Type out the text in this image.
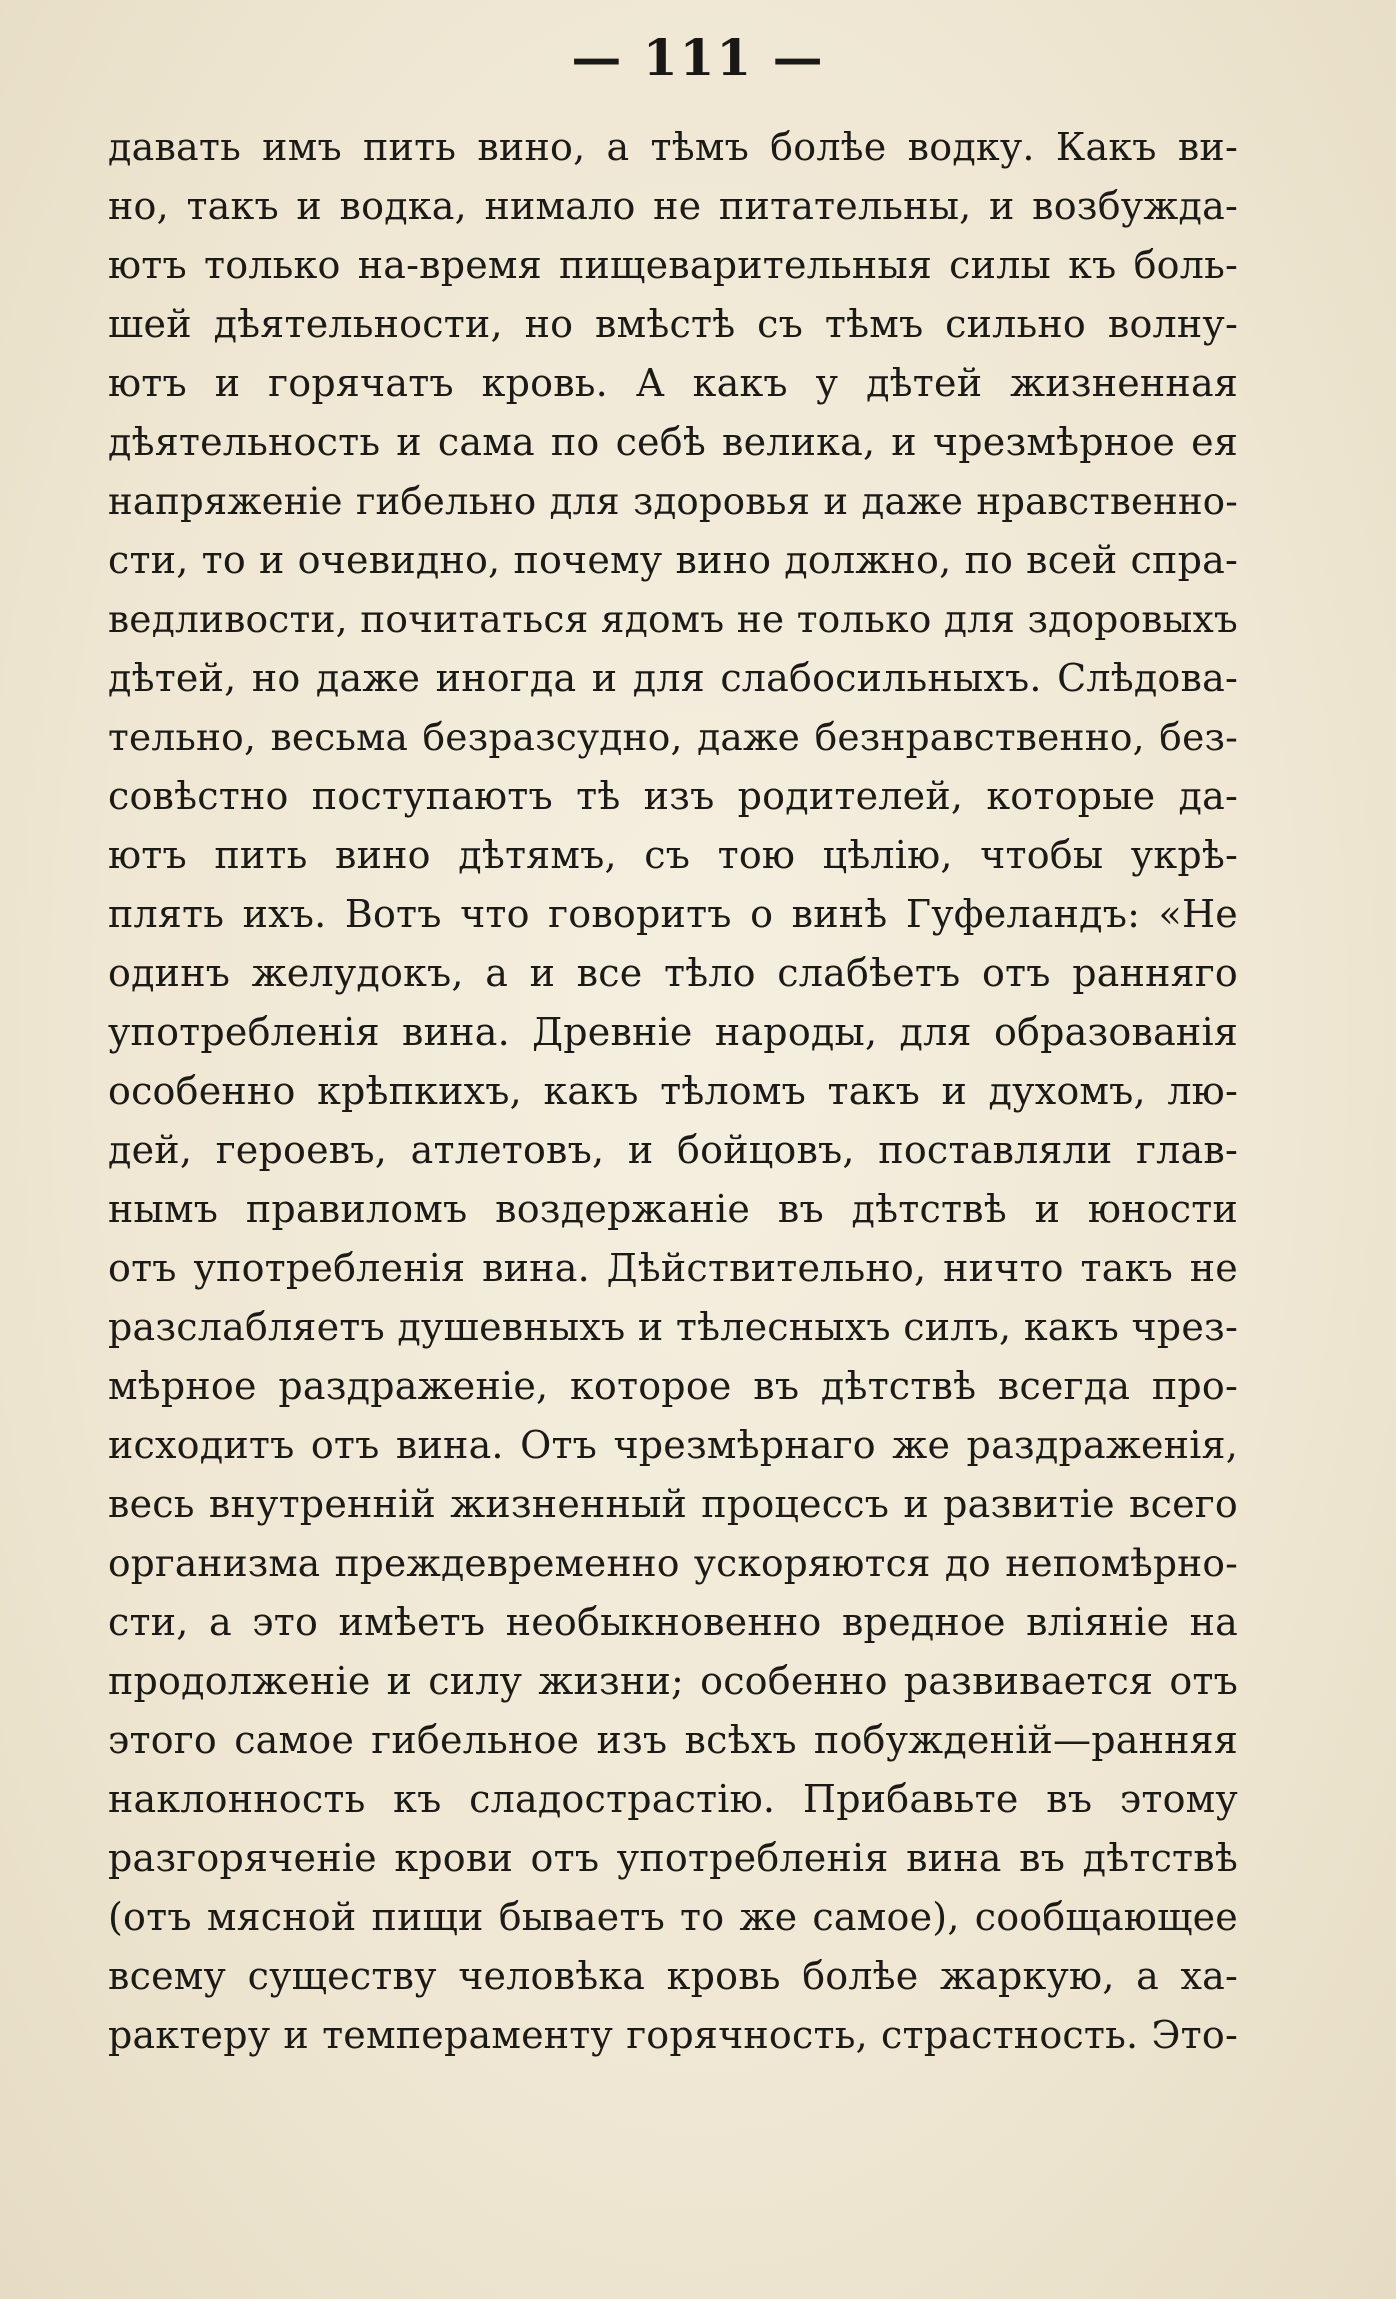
— 111 —
давать имъ пить вино, а тѣмъ болѣе водку. Какъ ви-
но, такъ и водка, нимало не питательны, и возбужда-
ютъ только на-время пищеварительныя силы къ боль-
шей дѣятельности, но вмѣстѣ съ тѣмъ сильно волну-
ютъ и горячатъ кровь. А какъ у дѣтей жизненная
дѣятельность и сама по себѣ велика, и чрезмѣрное ея
напряженіе гибельно для здоровья и даже нравственно-
сти, то и очевидно, почему вино должно, по всей спра-
ведливости, почитаться ядомъ не только для здоровыхъ
дѣтей, но даже иногда и для слабосильныхъ. Слѣдова-
тельно, весьма безразсудно, даже безнравственно, без-
совѣстно поступаютъ тѣ изъ родителей, которые да-
ютъ пить вино дѣтямъ, съ тою цѣлію, чтобы укрѣ-
плять ихъ. Вотъ что говоритъ о винѣ Гуфеландъ: «Не
одинъ желудокъ, а и все тѣло слабѣетъ отъ ранняго
употребленія вина. Древніе народы, для образованія
особенно крѣпкихъ, какъ тѣломъ такъ и духомъ, лю-
дей, героевъ, атлетовъ, и бойцовъ, поставляли глав-
нымъ правиломъ воздержаніе въ дѣтствѣ и юности
отъ употребленія вина. Дѣйствительно, ничто такъ не
разслабляетъ душевныхъ и тѣлесныхъ силъ, какъ чрез-
мѣрное раздраженіе, которое въ дѣтствѣ всегда про-
исходитъ отъ вина. Отъ чрезмѣрнаго же раздраженія,
весь внутренній жизненный процессъ и развитіе всего
организма преждевременно ускоряются до непомѣрно-
сти, а это имѣетъ необыкновенно вредное вліяніе на
продолженіе и силу жизни; особенно развивается отъ
этого самое гибельное изъ всѣхъ побужденій—ранняя
наклонность къ сладострастію. Прибавьте въ этому
разгоряченіе крови отъ употребленія вина въ дѣтствѣ
(отъ мясной пищи бываетъ то же самое), сообщающее
всему существу человѣка кровь болѣе жаркую, а ха-
рактеру и темпераменту горячность, страстность. Это-
